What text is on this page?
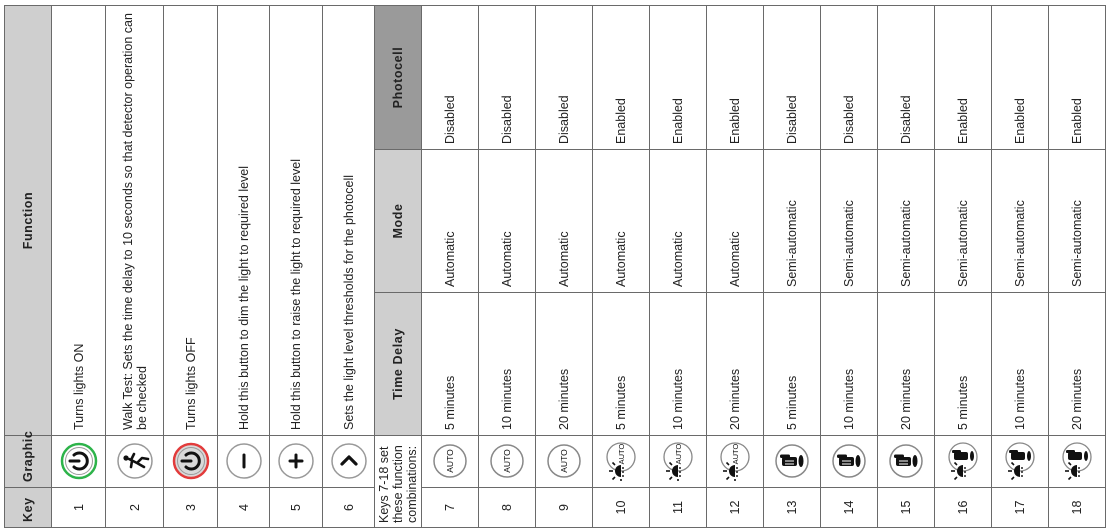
Key	Graphic	Function		
1		Turns lights ON		
2		Walk Test: Sets the time delay to 10 seconds so that detector operation can be checked		
3		Turns lights OFF		
4		Hold this button to dim the light to required level		
5		Hold this button to raise the light to required level		
6		Sets the light level thresholds for the photocell		
Keys 7-18 set these function combinations:		Time Delay	Mode	Photocell
7	AUTO	5 minutes	Automatic	Disabled
8	AUTO	10 minutes	Automatic	Disabled
9	AUTO	20 minutes	Automatic	Disabled
10	AUTO	5 minutes	Automatic	Enabled
11	AUTO	10 minutes	Automatic	Enabled
12	AUTO	20 minutes	Automatic	Enabled
13		5 minutes	Semi-automatic	Disabled
14		10 minutes	Semi-automatic	Disabled
15		20 minutes	Semi-automatic	Disabled
16		5 minutes	Semi-automatic	Enabled
17		10 minutes	Semi-automatic	Enabled
18		20 minutes	Semi-automatic	Enabled
